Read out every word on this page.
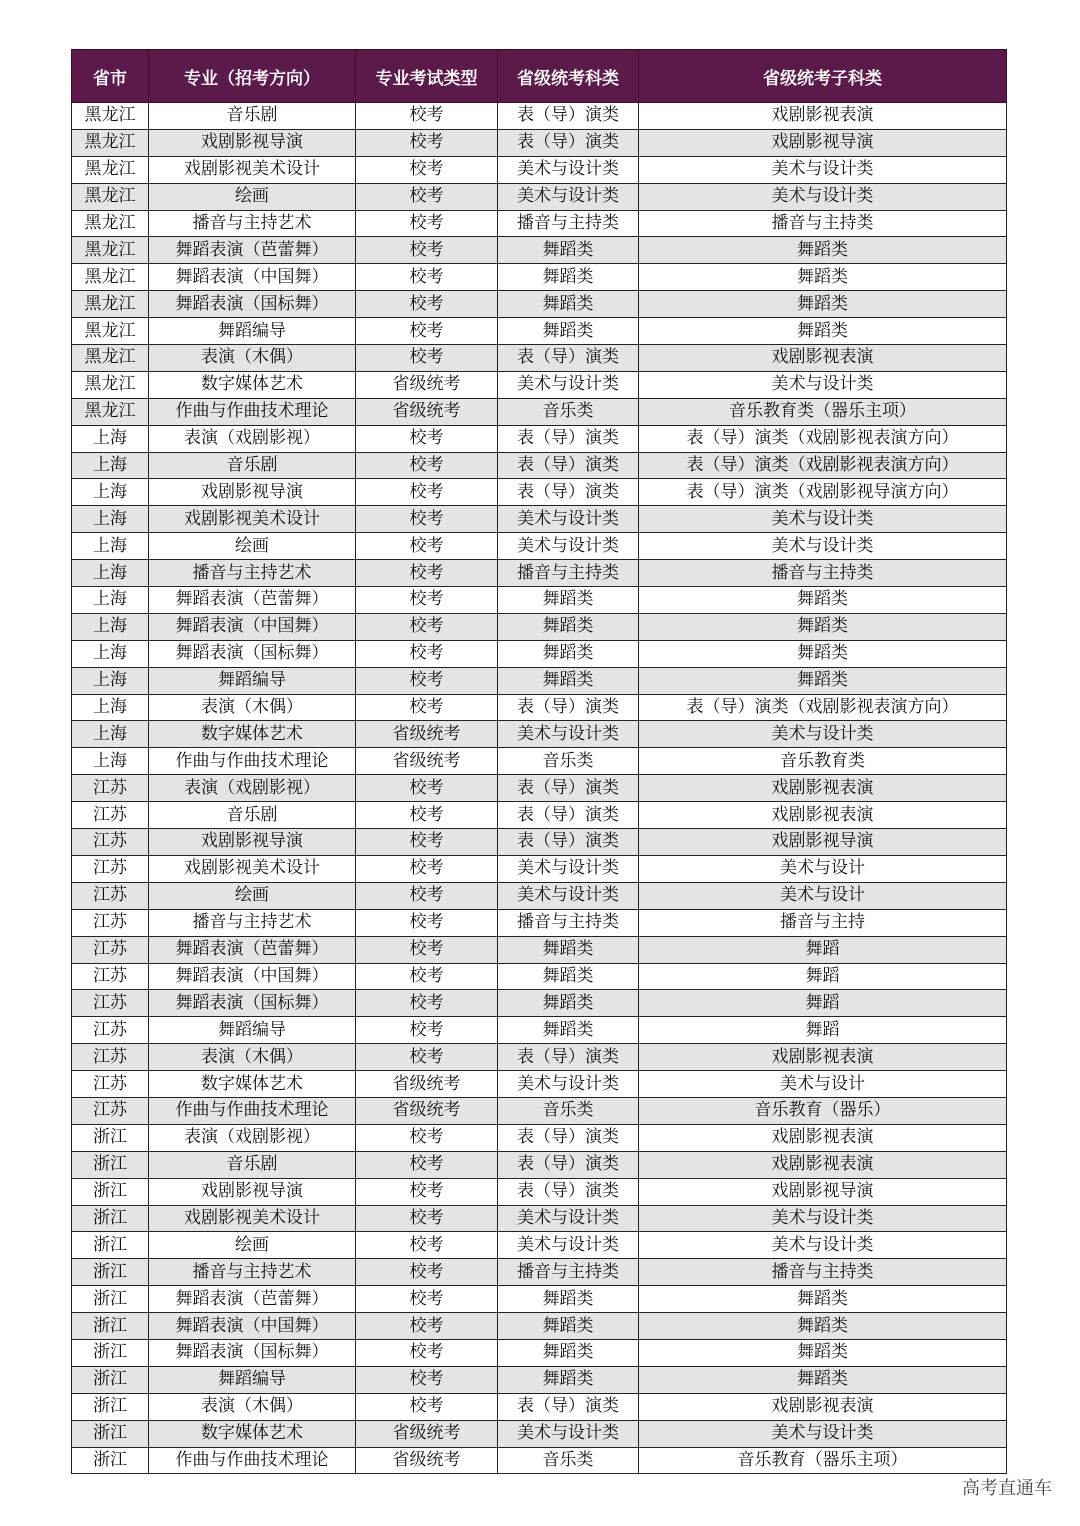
省市	专业（招考方向）	专业考试类型	省级统考科类	省级统考子科类
黑龙江	音乐剧	校考	表（导）演类	戏剧影视表演
黑龙江	戏剧影视导演	校考	表（导）演类	戏剧影视导演
黑龙江	戏剧影视美术设计	校考	美术与设计类	美术与设计类
黑龙江	绘画	校考	美术与设计类	美术与设计类
黑龙江	播音与主持艺术	校考	播音与主持类	播音与主持类
黑龙江	舞蹈表演（芭蕾舞）	校考	舞蹈类	舞蹈类
黑龙江	舞蹈表演（中国舞）	校考	舞蹈类	舞蹈类
黑龙江	舞蹈表演（国标舞）	校考	舞蹈类	舞蹈类
黑龙江	舞蹈编导	校考	舞蹈类	舞蹈类
黑龙江	表演（木偶）	校考	表（导）演类	戏剧影视表演
黑龙江	数字媒体艺术	省级统考	美术与设计类	美术与设计类
黑龙江	作曲与作曲技术理论	省级统考	音乐类	音乐教育类（器乐主项）
上海	表演（戏剧影视）	校考	表（导）演类	表（导）演类（戏剧影视表演方向）
上海	音乐剧	校考	表（导）演类	表（导）演类（戏剧影视表演方向）
上海	戏剧影视导演	校考	表（导）演类	表（导）演类（戏剧影视导演方向）
上海	戏剧影视美术设计	校考	美术与设计类	美术与设计类
上海	绘画	校考	美术与设计类	美术与设计类
上海	播音与主持艺术	校考	播音与主持类	播音与主持类
上海	舞蹈表演（芭蕾舞）	校考	舞蹈类	舞蹈类
上海	舞蹈表演（中国舞）	校考	舞蹈类	舞蹈类
上海	舞蹈表演（国标舞）	校考	舞蹈类	舞蹈类
上海	舞蹈编导	校考	舞蹈类	舞蹈类
上海	表演（木偶）	校考	表（导）演类	表（导）演类（戏剧影视表演方向）
上海	数字媒体艺术	省级统考	美术与设计类	美术与设计类
上海	作曲与作曲技术理论	省级统考	音乐类	音乐教育类
江苏	表演（戏剧影视）	校考	表（导）演类	戏剧影视表演
江苏	音乐剧	校考	表（导）演类	戏剧影视表演
江苏	戏剧影视导演	校考	表（导）演类	戏剧影视导演
江苏	戏剧影视美术设计	校考	美术与设计类	美术与设计
江苏	绘画	校考	美术与设计类	美术与设计
江苏	播音与主持艺术	校考	播音与主持类	播音与主持
江苏	舞蹈表演（芭蕾舞）	校考	舞蹈类	舞蹈
江苏	舞蹈表演（中国舞）	校考	舞蹈类	舞蹈
江苏	舞蹈表演（国标舞）	校考	舞蹈类	舞蹈
江苏	舞蹈编导	校考	舞蹈类	舞蹈
江苏	表演（木偶）	校考	表（导）演类	戏剧影视表演
江苏	数字媒体艺术	省级统考	美术与设计类	美术与设计
江苏	作曲与作曲技术理论	省级统考	音乐类	音乐教育（器乐）
浙江	表演（戏剧影视）	校考	表（导）演类	戏剧影视表演
浙江	音乐剧	校考	表（导）演类	戏剧影视表演
浙江	戏剧影视导演	校考	表（导）演类	戏剧影视导演
浙江	戏剧影视美术设计	校考	美术与设计类	美术与设计类
浙江	绘画	校考	美术与设计类	美术与设计类
浙江	播音与主持艺术	校考	播音与主持类	播音与主持类
浙江	舞蹈表演（芭蕾舞）	校考	舞蹈类	舞蹈类
浙江	舞蹈表演（中国舞）	校考	舞蹈类	舞蹈类
浙江	舞蹈表演（国标舞）	校考	舞蹈类	舞蹈类
浙江	舞蹈编导	校考	舞蹈类	舞蹈类
浙江	表演（木偶）	校考	表（导）演类	戏剧影视表演
浙江	数字媒体艺术	省级统考	美术与设计类	美术与设计类
浙江	作曲与作曲技术理论	省级统考	音乐类	音乐教育（器乐主项）
高考直通车
